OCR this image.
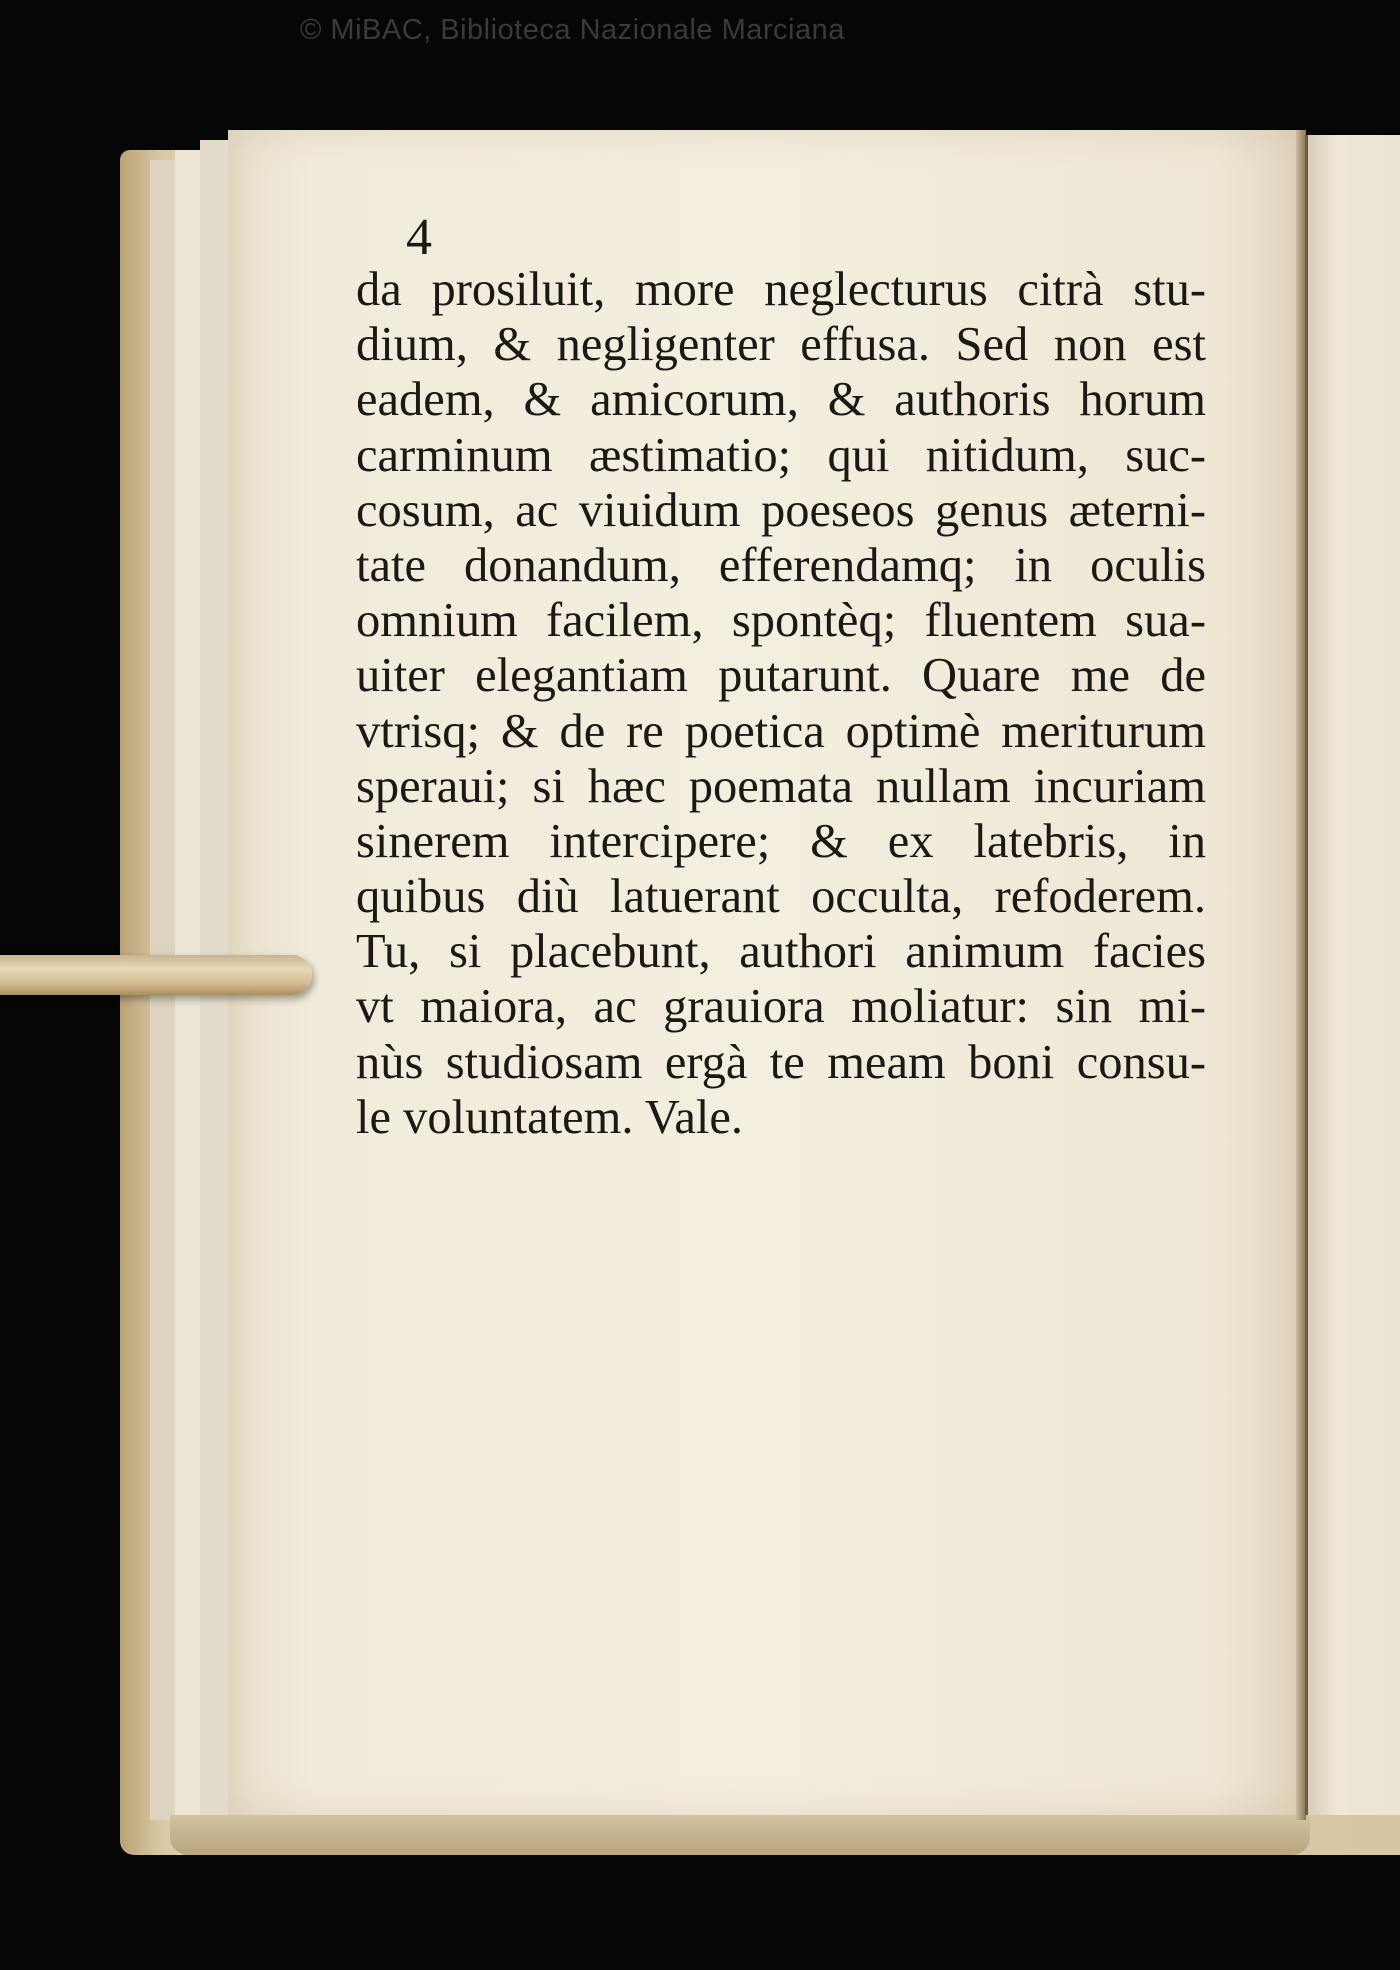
© MiBAC, Biblioteca Nazionale Marciana

4
da prosiluit, more neglecturus citrà stu-
dium, & negligenter effusa. Sed non est
eadem, & amicorum, & authoris horum
carminum æstimatio; qui nitidum, suc-
cosum, ac viuidum poeseos genus æterni-
tate donandum, efferendamq; in oculis
omnium facilem, spontèq; fluentem sua-
uiter elegantiam putarunt. Quare me de
vtrisq; & de re poetica optimè meriturum
speraui; si hæc poemata nullam incuriam
sinerem intercipere; & ex latebris, in
quibus diù latuerant occulta, refoderem.
Tu, si placebunt, authori animum facies
vt maiora, ac grauiora moliatur: sin mi-
nùs studiosam ergà te meam boni consu-
le voluntatem. Vale.
